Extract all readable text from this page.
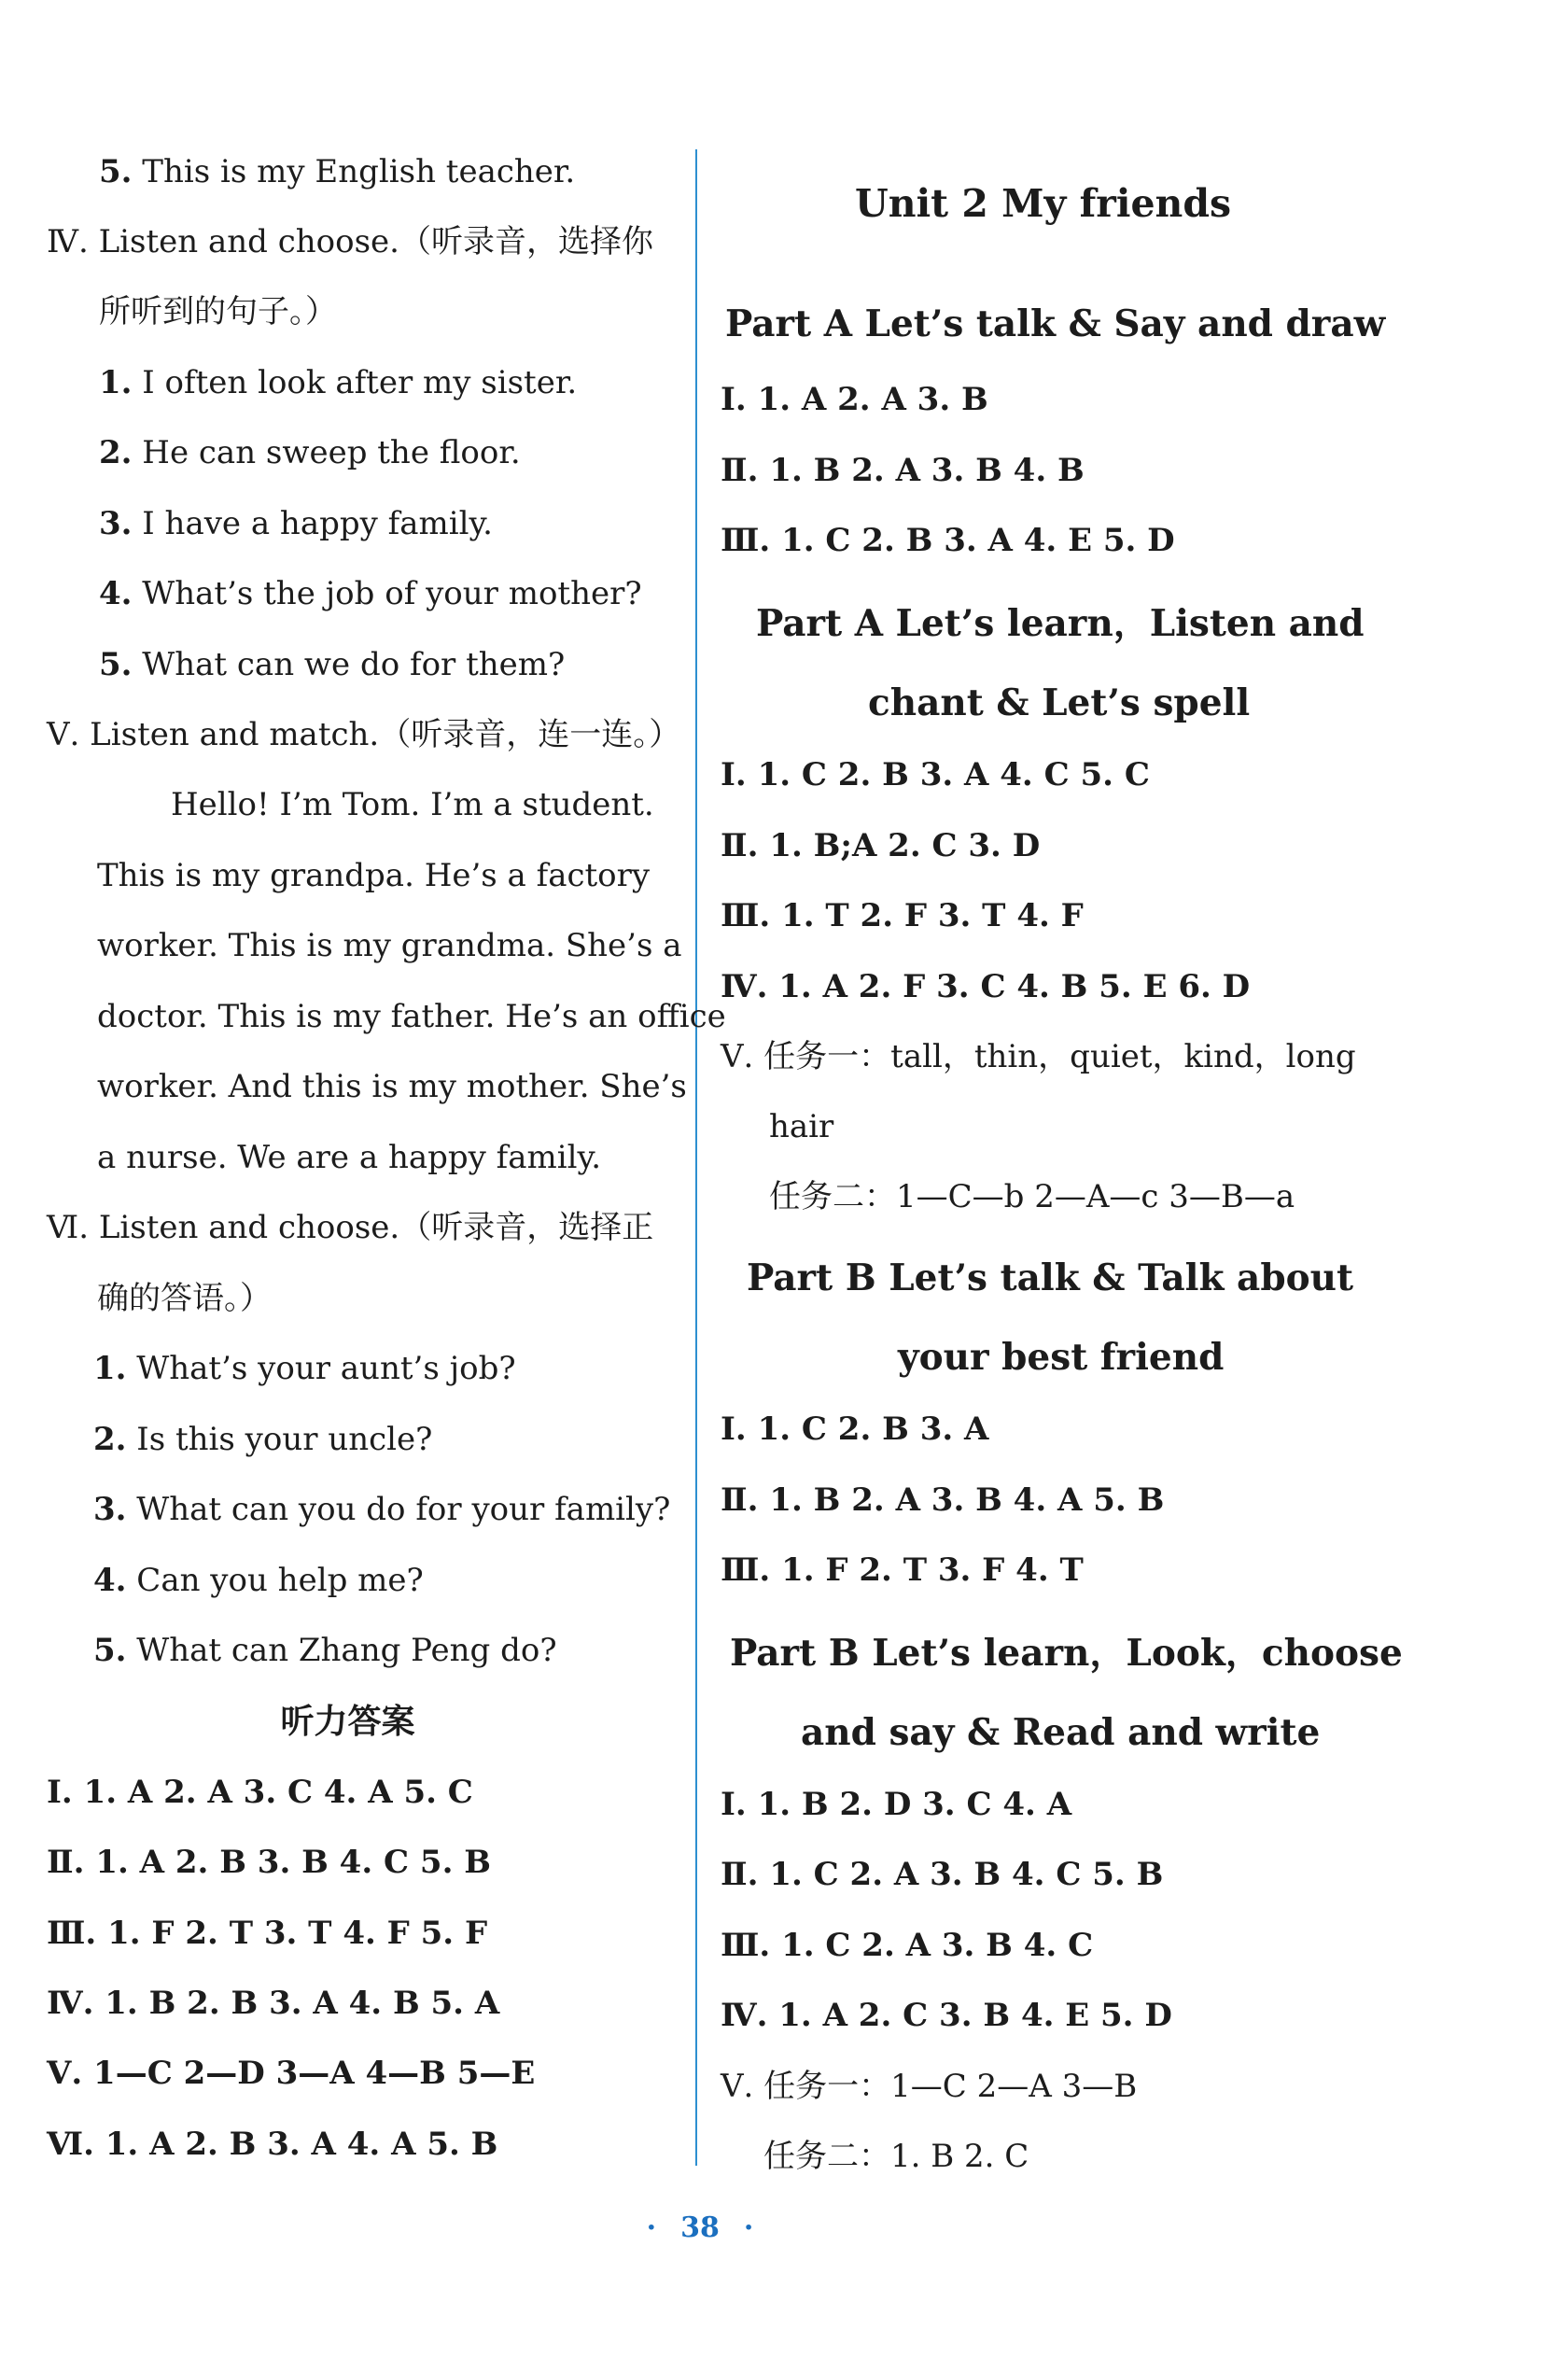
5. This is my English teacher.
Ⅳ. Listen and choose.（听录音，选择你
所听到的句子。）
1. I often look after my sister.
2. He can sweep the floor.
3. I have a happy family.
4. What’s the job of your mother?
5. What can we do for them?
Ⅴ. Listen and match.（听录音，连一连。）
Hello! I’m Tom. I’m a student.
This is my grandpa. He’s a factory
worker. This is my grandma. She’s a
doctor. This is my father. He’s an office
worker. And this is my mother. She’s
a nurse. We are a happy family.
Ⅵ. Listen and choose.（听录音，选择正
确的答语。）
1. What’s your aunt’s job?
2. Is this your uncle?
3. What can you do for your family?
4. Can you help me?
5. What can Zhang Peng do?
听力答案
Ⅰ. 1. A 2. A 3. C 4. A 5. C
Ⅱ. 1. A 2. B 3. B 4. C 5. B
Ⅲ. 1. F 2. T 3. T 4. F 5. F
Ⅳ. 1. B 2. B 3. A 4. B 5. A
Ⅴ. 1—C 2—D 3—A 4—B 5—E
Ⅵ. 1. A 2. B 3. A 4. A 5. B
Unit 2 My friends
Part A Let’s talk & Say and draw
Ⅰ. 1. A 2. A 3. B
Ⅱ. 1. B 2. A 3. B 4. B
Ⅲ. 1. C 2. B 3. A 4. E 5. D
Part A Let’s learn，Listen and
chant & Let’s spell
Ⅰ. 1. C 2. B 3. A 4. C 5. C
Ⅱ. 1. B;A 2. C 3. D
Ⅲ. 1. T 2. F 3. T 4. F
Ⅳ. 1. A 2. F 3. C 4. B 5. E 6. D
Ⅴ. 任务一：tall，thin，quiet，kind，long
hair
任务二：1—C—b 2—A—c 3—B—a
Part B Let’s talk & Talk about
your best friend
Ⅰ. 1. C 2. B 3. A
Ⅱ. 1. B 2. A 3. B 4. A 5. B
Ⅲ. 1. F 2. T 3. F 4. T
Part B Let’s learn，Look，choose
and say & Read and write
Ⅰ. 1. B 2. D 3. C 4. A
Ⅱ. 1. C 2. A 3. B 4. C 5. B
Ⅲ. 1. C 2. A 3. B 4. C
Ⅳ. 1. A 2. C 3. B 4. E 5. D
Ⅴ. 任务一：1—C 2—A 3—B
任务二：1. B 2. C
· 38 ·
